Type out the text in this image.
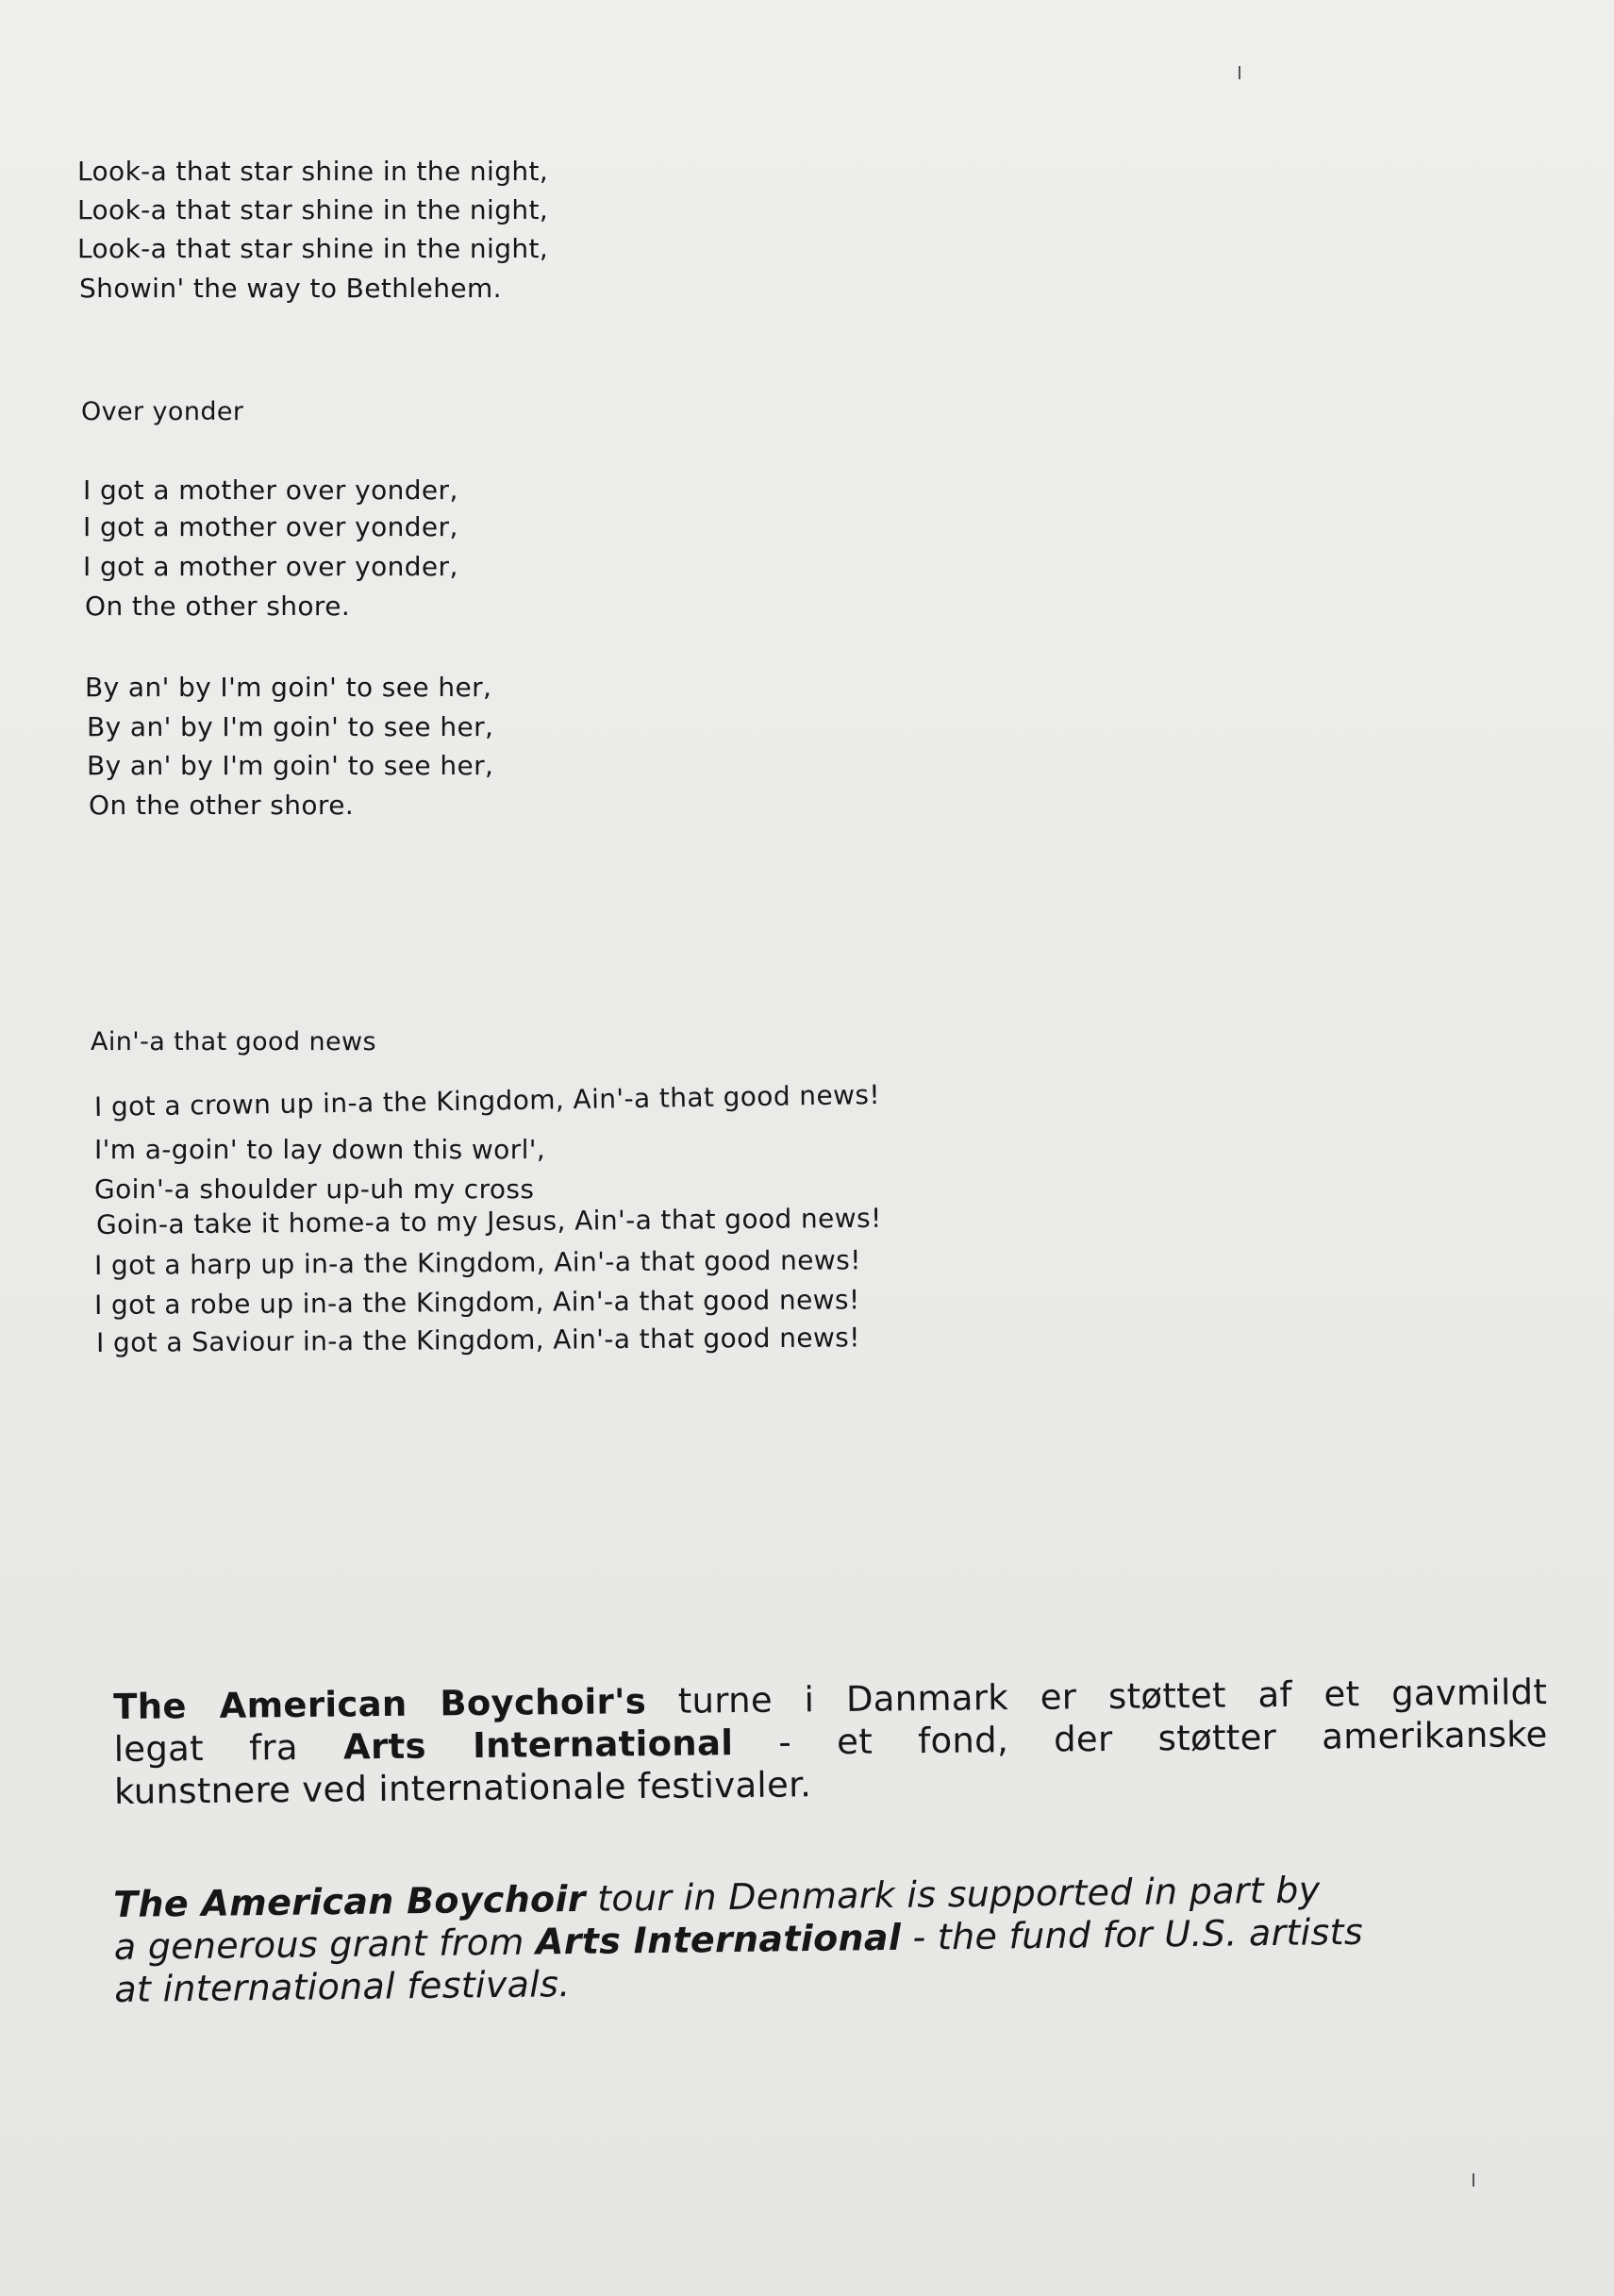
Look-a that star shine in the night,
Look-a that star shine in the night,
Look-a that star shine in the night,
Showin' the way to Bethlehem.
Over yonder
I got a mother over yonder,
I got a mother over yonder,
I got a mother over yonder,
On the other shore.
By an' by I'm goin' to see her,
By an' by I'm goin' to see her,
By an' by I'm goin' to see her,
On the other shore.
Ain'-a that good news
I got a crown up in-a the Kingdom, Ain'-a that good news!
I'm a-goin' to lay down this worl',
Goin'-a shoulder up-uh my cross
Goin-a take it home-a to my Jesus, Ain'-a that good news!
I got a harp up in-a the Kingdom, Ain'-a that good news!
I got a robe up in-a the Kingdom, Ain'-a that good news!
I got a Saviour in-a the Kingdom, Ain'-a that good news!
The American Boychoir's turne i Danmark er støttet af et gavmildt
legat fra Arts International - et fond, der støtter amerikanske
kunstnere ved internationale festivaler.
The American Boychoir tour in Denmark is supported in part by
a generous grant from Arts International - the fund for U.S. artists
at international festivals.
